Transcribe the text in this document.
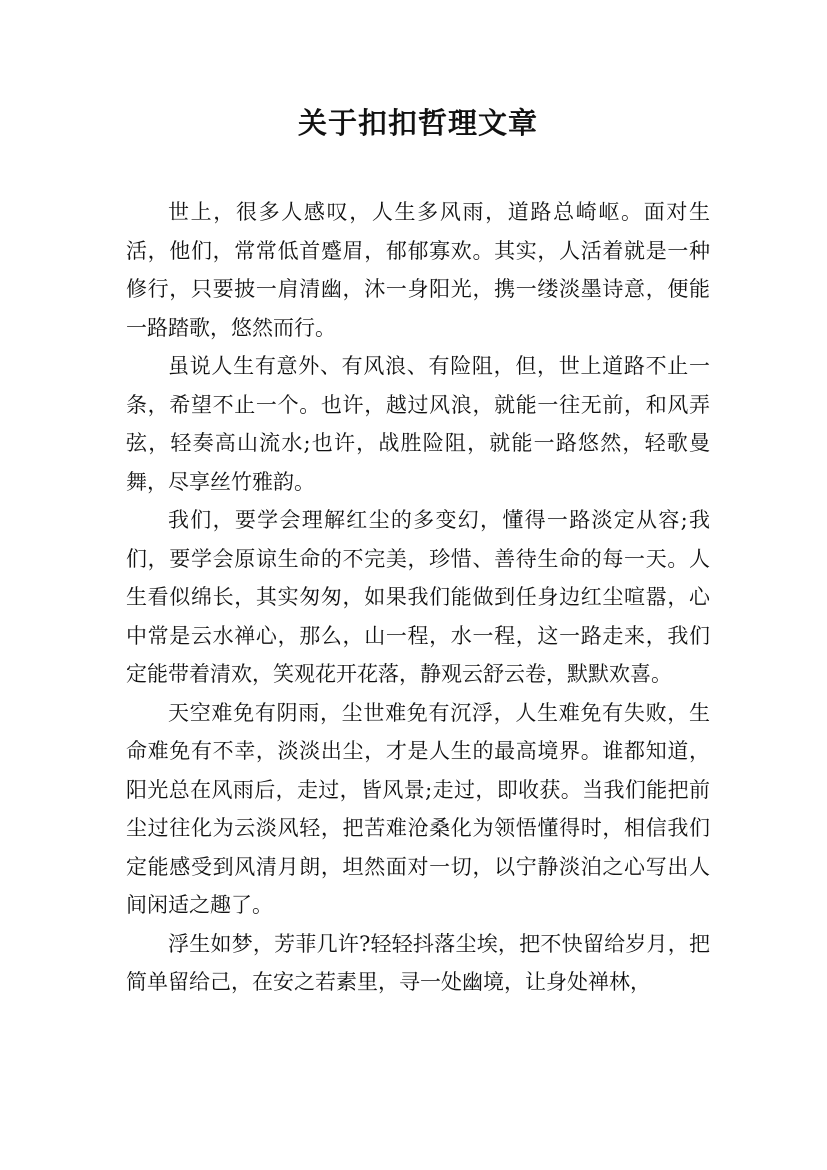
关于扣扣哲理文章

世上，很多人感叹，人生多风雨，道路总崎岖。面对生活，他们，常常低首蹙眉，郁郁寡欢。其实，人活着就是一种修行，只要披一肩清幽，沐一身阳光，携一缕淡墨诗意，便能一路踏歌，悠然而行。

虽说人生有意外、有风浪、有险阻，但，世上道路不止一条，希望不止一个。也许，越过风浪，就能一往无前，和风弄弦，轻奏高山流水;也许，战胜险阻，就能一路悠然，轻歌曼舞，尽享丝竹雅韵。

我们，要学会理解红尘的多变幻，懂得一路淡定从容;我们，要学会原谅生命的不完美，珍惜、善待生命的每一天。人生看似绵长，其实匆匆，如果我们能做到任身边红尘喧嚣，心中常是云水禅心，那么，山一程，水一程，这一路走来，我们定能带着清欢，笑观花开花落，静观云舒云卷，默默欢喜。

天空难免有阴雨，尘世难免有沉浮，人生难免有失败，生命难免有不幸，淡淡出尘，才是人生的最高境界。谁都知道，阳光总在风雨后，走过，皆风景;走过，即收获。当我们能把前尘过往化为云淡风轻，把苦难沧桑化为领悟懂得时，相信我们定能感受到风清月朗，坦然面对一切，以宁静淡泊之心写出人间闲适之趣了。

浮生如梦，芳菲几许?轻轻抖落尘埃，把不快留给岁月，把简单留给己，在安之若素里，寻一处幽境，让身处禅林，
